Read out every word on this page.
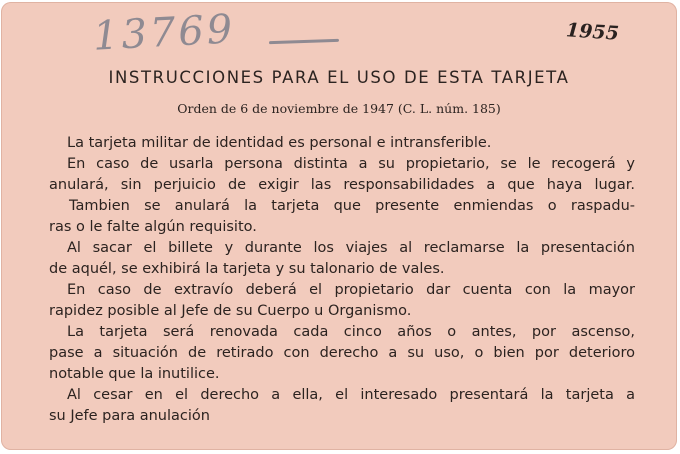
13769	1955
INSTRUCCIONES PARA EL USO DE ESTA TARJETA
Orden de 6 de noviembre de 1947 (C. L. núm. 185)
La tarjeta militar de identidad es personal e intransferible.
En caso de usarla persona distinta a su propietario, se le recogerá y
anulará, sin perjuicio de exigir las responsabilidades a que haya lugar.
Tambien se anulará la tarjeta que presente enmiendas o raspadu-
ras o le falte algún requisito.
Al sacar el billete y durante los viajes al reclamarse la presentación
de aquél, se exhibirá la tarjeta y su talonario de vales.
En caso de extravío deberá el propietario dar cuenta con la mayor
rapidez posible al Jefe de su Cuerpo u Organismo.
La tarjeta será renovada cada cinco años o antes, por ascenso,
pase a situación de retirado con derecho a su uso, o bien por deterioro
notable que la inutilice.
Al cesar en el derecho a ella, el interesado presentará la tarjeta a
su Jefe para anulación
